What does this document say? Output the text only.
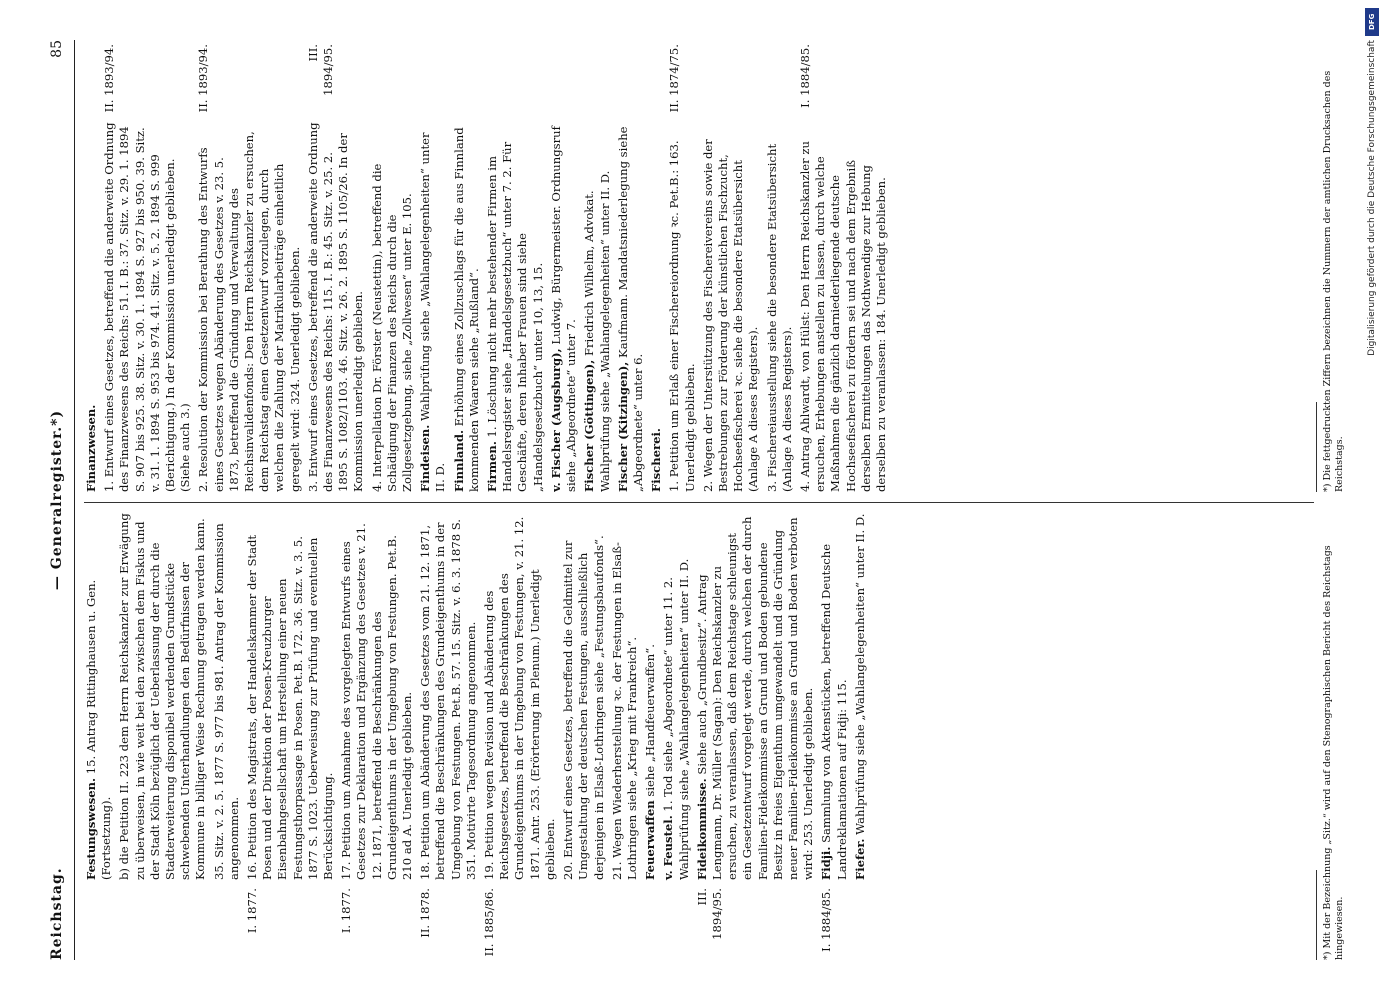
Reichstag.
— Generalregister.*)
85
Festungswesen. 15. Antrag Rittinghausen u. Gen. (Fortsetzung). b) die Petition II. 223 dem Herrn Reichskanzler zur Erwägung zu überweisen, in wie weit bei den zwischen dem Fiskus und der Stadt Köln bezüglich der Ueberlassung der durch die Stadterweiterung disponibel werdenden Grundstücke schwebenden Unterhandlungen den Bedürfnissen der Kommune in billiger Weise Rechnung getragen werden kann. 35. Sitz. v. 2. 5. 1877 S. 977 bis 981. Antrag der Kommission angenommen.
I. 1877.
16. Petition des Magistrats, der Handelskammer der Stadt Posen und der Direktion der Posen-Kreuzburger Eisenbahngesellschaft um Herstellung einer neuen Festungsthorpassage in Posen. Pet.B. 172. 36. Sitz. v. 3. 5. 1877 S. 1023. Ueberweisung zur Prüfung und eventuellen Berücksichtigung.
I. 1877.
17. Petition um Annahme des vorgelegten Entwurfs eines Gesetzes zur Deklaration und Ergänzung des Gesetzes v. 21. 12. 1871, betreffend die Beschränkungen des Grundeigenthums in der Umgebung von Festungen. Pet.B. 210 ad A. Unerledigt geblieben.
II. 1878.
18. Petition um Abänderung des Gesetzes vom 21. 12. 1871, betreffend die Beschränkungen des Grundeigenthums in der Umgebung von Festungen. Pet.B. 57. 15. Sitz. v. 6. 3. 1878 S. 351. Motivirte Tagesordnung angenommen.
II. 1885/86.
19. Petition wegen Revision und Abänderung des Reichsgesetzes, betreffend die Beschränkungen des Grundeigenthums in der Umgebung von Festungen, v. 21. 12. 1871. Antr. 253. (Erörterung im Plenum.) Unerledigt geblieben. 20. Entwurf eines Gesetzes, betreffend die Geldmittel zur Umgestaltung der deutschen Festungen, ausschließlich derjenigen in Elsaß-Lothringen siehe „Festungsbaufonds“. 21. Wegen Wiederherstellung ꝛc. der Festungen in Elsaß-Lothringen siehe „Krieg mit Frankreich“. Feuerwaffen siehe „Handfeuerwaffen“.
v. Feustel. 1. Tod siehe „Abgeordnete“ unter 11. 2. Wahlprüfung siehe „Wahlangelegenheiten“ unter II. D.
III. 1894/95.
Fideikommisse. Siehe auch „Grundbesitz“. Antrag Lengmann, Dr. Müller (Sagan): Den Reichskanzler zu ersuchen, zu veranlassen, daß dem Reichstage schleunigst ein Gesetzentwurf vorgelegt werde, durch welchen der durch Familien-Fideikommisse an Grund und Boden gebundene Besitz in freies Eigenthum umgewandelt und die Gründung neuer Familien-Fideikommisse an Grund und Boden verboten wird: 253. Unerledigt geblieben.
I. 1884/85.
Fidji. Sammlung von Aktenstücken, betreffend Deutsche Landreklamationen auf Fidji: 115. Fiefer. Wahlprüfung siehe „Wahlangelegenheiten“ unter II. D.
Finanzwesen.
II. 1893/94.
1. Entwurf eines Gesetzes, betreffend die anderweite Ordnung des Finanzwesens des Reichs: 51. I. B.: 37. Sitz. v. 29. 1. 1894 S. 907 bis 925. 38. Sitz. v. 30. 1. 1894 S. 927 bis 950. 39. Sitz. v. 31. 1. 1894 S. 953 bis 974. 41. Sitz. v. 5. 2. 1894 S. 999 (Berichtigung.) In der Kommission unerledigt geblieben. (Siehe auch 3.)
II. 1893/94.
2. Resolution der Kommission bei Berathung des Entwurfs eines Gesetzes wegen Abänderung des Gesetzes v. 23. 5. 1873, betreffend die Gründung und Verwaltung des Reichsinvalidenfonds: Den Herrn Reichskanzler zu ersuchen, dem Reichstag einen Gesetzentwurf vorzulegen, durch welchen die Zahlung der Matrikularbeiträge einheitlich geregelt wird: 324. Unerledigt geblieben.
III. 1894/95.
3. Entwurf eines Gesetzes, betreffend die anderweite Ordnung des Finanzwesens des Reichs: 115. I. B.: 45. Sitz. v. 25. 2. 1895 S. 1082/1103. 46. Sitz. v. 26. 2. 1895 S. 1105/26. In der Kommission unerledigt geblieben. 4. Interpellation Dr. Förster (Neustettin), betreffend die Schädigung der Finanzen des Reichs durch die Zollgesetzgebung, siehe „Zollwesen“ unter E. 105. Findeisen. Wahlprüfung siehe „Wahlangelegenheiten“ unter II. D. Finnland. Erhöhung eines Zollzuschlags für die aus Finnland kommenden Waaren siehe „Rußland“. Firmen. 1. Löschung nicht mehr bestehender Firmen im Handelsregister siehe „Handelsgesetzbuch“ unter 7. 2. Für Geschäfte, deren Inhaber Frauen sind siehe „Handelsgesetzbuch“ unter 10, 13, 15. v. Fischer (Augsburg), Ludwig, Bürgermeister. Ordnungsruf siehe „Abgeordnete“ unter 7. Fischer (Göttingen), Friedrich Wilhelm, Advokat. Wahlprüfung siehe „Wahlangelegenheiten“ unter II. D. Fischer (Kitzingen), Kaufmann. Mandatsniederlegung siehe „Abgeordnete“ unter 6. Fischerei.
II. 1874/75.
1. Petition um Erlaß einer Fischereiordnung ꝛc. Pet.B.: 163. Unerledigt geblieben. 2. Wegen der Unterstützung des Fischereivereins sowie der Bestrebungen zur Förderung der künstlichen Fischzucht, Hochseefischerei ꝛc. siehe die besondere Etatsübersicht (Anlage A dieses Registers). 3. Fischereiausstellung siehe die besondere Etatsübersicht (Anlage A dieses Registers).
I. 1884/85.
4. Antrag Ahlwardt, von Hülst: Den Herrn Reichskanzler zu ersuchen, Erhebungen anstellen zu lassen, durch welche Maßnahmen die gänzlich darniederliegende deutsche Hochseefischerei zu fördern sei und nach dem Ergebniß derselben Ermittelungen das Nothwendige zur Hebung derselben zu veranlassen: 184. Unerledigt geblieben.
*) Mit der Bezeichnung „Sitz.“ wird auf den Stenographischen Bericht des Reichstags hingewiesen.
*) Die fettgedruckten Ziffern bezeichnen die Nummern der amtlichen Drucksachen des Reichstags.
DFG
Digitalisierung gefördert durch die Deutsche Forschungsgemeinschaft
